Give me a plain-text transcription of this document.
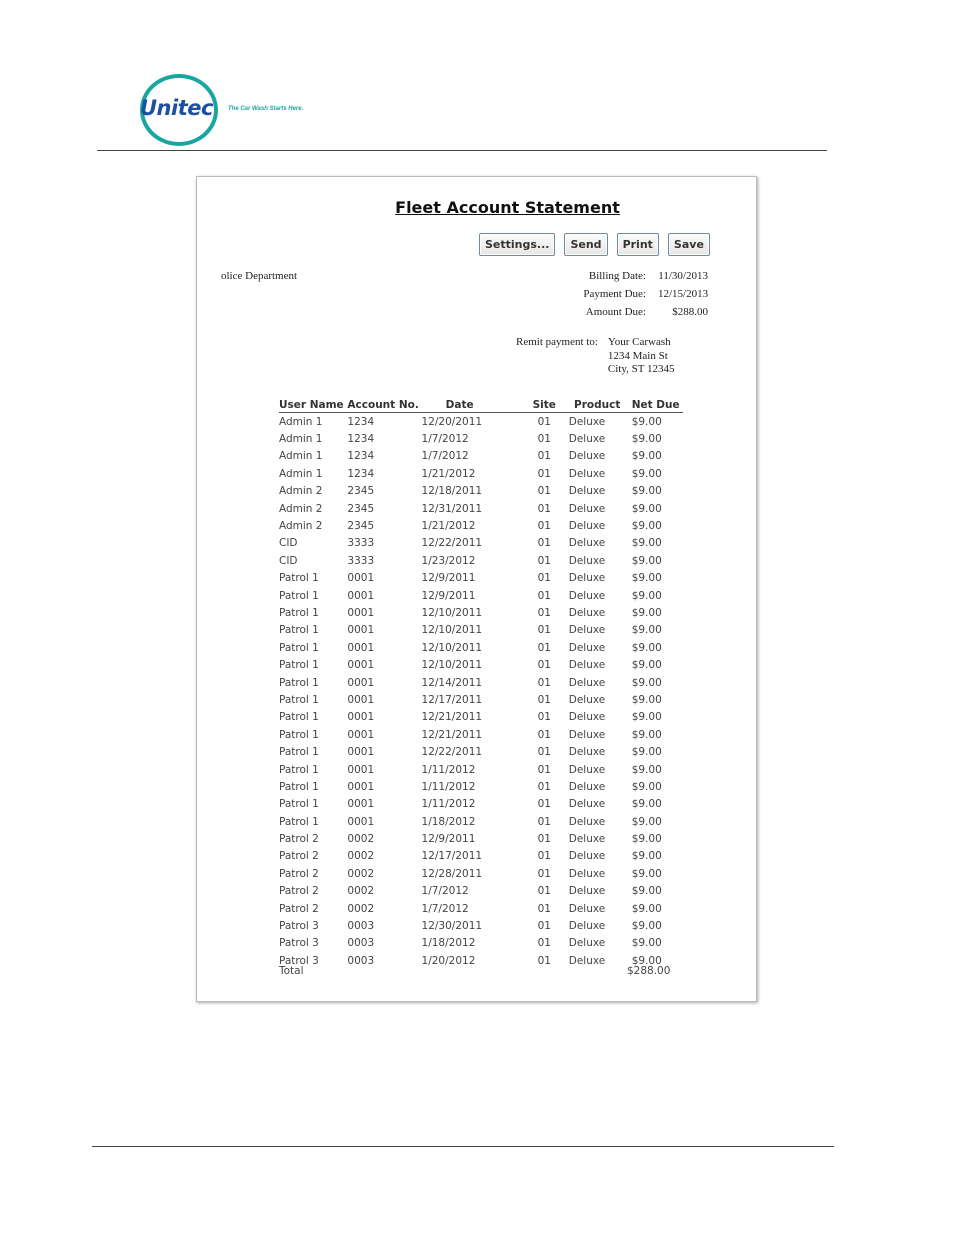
Unitec	The Car Wash Starts Here.
Fleet Account Statement
Settings...	Send	Print	Save
olice Department	Billing Date: 11/30/2013
Payment Due: 12/15/2013
Amount Due:	$288.00
Remit payment to: Your Carwash
1234 Main St
City, ST 12345
User Name	Account No.	Date	Site	Product	Net Due
Admin 1	1234	12/20/2011	01	Deluxe	$9.00
Admin 1	1234	1/7/2012	01	Deluxe	$9.00
Admin 1	1234	1/7/2012	01	Deluxe	$9.00
Admin 1	1234	1/21/2012	01	Deluxe	$9.00
Admin 2	2345	12/18/2011	01	Deluxe	$9.00
Admin 2	2345	12/31/2011	01	Deluxe	$9.00
Admin 2	2345	1/21/2012	01	Deluxe	$9.00
CID	3333	12/22/2011	01	Deluxe	$9.00
CID	3333	1/23/2012	01	Deluxe	$9.00
Patrol 1	0001	12/9/2011	01	Deluxe	$9.00
Patrol 1	0001	12/9/2011	01	Deluxe	$9.00
Patrol 1	0001	12/10/2011	01	Deluxe	$9.00
Patrol 1	0001	12/10/2011	01	Deluxe	$9.00
Patrol 1	0001	12/10/2011	01	Deluxe	$9.00
Patrol 1	0001	12/10/2011	01	Deluxe	$9.00
Patrol 1	0001	12/14/2011	01	Deluxe	$9.00
Patrol 1	0001	12/17/2011	01	Deluxe	$9.00
Patrol 1	0001	12/21/2011	01	Deluxe	$9.00
Patrol 1	0001	12/21/2011	01	Deluxe	$9.00
Patrol 1	0001	12/22/2011	01	Deluxe	$9.00
Patrol 1	0001	1/11/2012	01	Deluxe	$9.00
Patrol 1	0001	1/11/2012	01	Deluxe	$9.00
Patrol 1	0001	1/11/2012	01	Deluxe	$9.00
Patrol 1	0001	1/18/2012	01	Deluxe	$9.00
Patrol 2	0002	12/9/2011	01	Deluxe	$9.00
Patrol 2	0002	12/17/2011	01	Deluxe	$9.00
Patrol 2	0002	12/28/2011	01	Deluxe	$9.00
Patrol 2	0002	1/7/2012	01	Deluxe	$9.00
Patrol 2	0002	1/7/2012	01	Deluxe	$9.00
Patrol 3	0003	12/30/2011	01	Deluxe	$9.00
Patrol 3	0003	1/18/2012	01	Deluxe	$9.00
Patrol 3	0003	1/20/2012	01	Deluxe	$9.00
Total	$288.00
